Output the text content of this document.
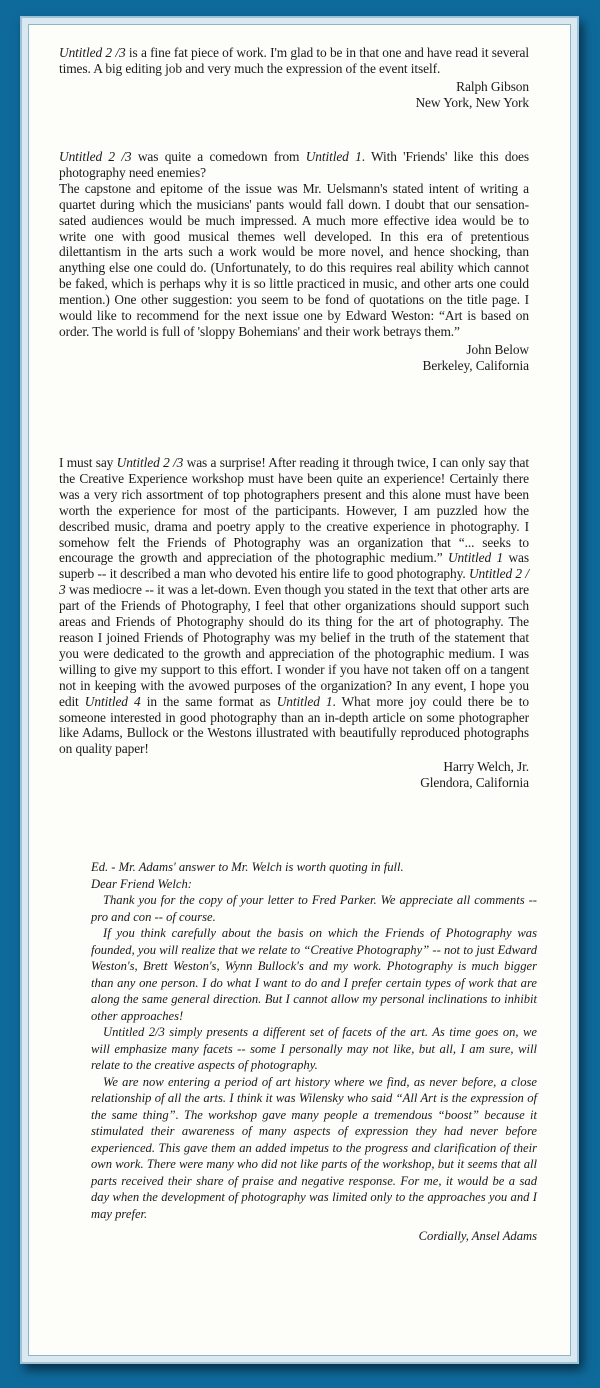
Untitled 2 /3 is a fine fat piece of work. I'm glad to be in that one and have read it several times. A big editing job and very much the expression of the event itself.

Ralph Gibson
New York, New York

Untitled 2 /3 was quite a comedown from Untitled 1. With 'Friends' like this does photography need enemies?

The capstone and epitome of the issue was Mr. Uelsmann's stated intent of writing a quartet during which the musicians' pants would fall down. I doubt that our sensation-sated audiences would be much impressed. A much more effective idea would be to write one with good musical themes well developed. In this era of pretentious dilettantism in the arts such a work would be more novel, and hence shocking, than anything else one could do. (Unfortunately, to do this requires real ability which cannot be faked, which is perhaps why it is so little practiced in music, and other arts one could mention.) One other suggestion: you seem to be fond of quotations on the title page. I would like to recommend for the next issue one by Edward Weston: “Art is based on order. The world is full of 'sloppy Bohemians' and their work betrays them.”

John Below
Berkeley, California

I must say Untitled 2 /3 was a surprise! After reading it through twice, I can only say that the Creative Experience workshop must have been quite an experience! Certainly there was a very rich assortment of top photographers present and this alone must have been worth the experience for most of the participants. However, I am puzzled how the described music, drama and poetry apply to the creative experience in photography. I somehow felt the Friends of Photography was an organization that “... seeks to encourage the growth and appreciation of the photographic medium.” Untitled 1 was superb -- it described a man who devoted his entire life to good photography. Untitled 2 / 3 was mediocre -- it was a let-down. Even though you stated in the text that other arts are part of the Friends of Photography, I feel that other organizations should support such areas and Friends of Photography should do its thing for the art of photography. The reason I joined Friends of Photography was my belief in the truth of the statement that you were dedicated to the growth and appreciation of the photographic medium. I was willing to give my support to this effort. I wonder if you have not taken off on a tangent not in keeping with the avowed purposes of the organization? In any event, I hope you edit Untitled 4 in the same format as Untitled 1. What more joy could there be to someone interested in good photography than an in-depth article on some photographer like Adams, Bullock or the Westons illustrated with beautifully reproduced photographs on quality paper!

Harry Welch, Jr.
Glendora, California

Ed. - Mr. Adams' answer to Mr. Welch is worth quoting in full.

Dear Friend Welch:

Thank you for the copy of your letter to Fred Parker. We appreciate all comments -- pro and con -- of course.

If you think carefully about the basis on which the Friends of Photography was founded, you will realize that we relate to “Creative Photography” -- not to just Edward Weston's, Brett Weston's, Wynn Bullock's and my work. Photography is much bigger than any one person. I do what I want to do and I prefer certain types of work that are along the same general direction. But I cannot allow my personal inclinations to inhibit other approaches!

Untitled 2/3 simply presents a different set of facets of the art. As time goes on, we will emphasize many facets -- some I personally may not like, but all, I am sure, will relate to the creative aspects of photography.

We are now entering a period of art history where we find, as never before, a close relationship of all the arts. I think it was Wilensky who said “All Art is the expression of the same thing”. The workshop gave many people a tremendous “boost” because it stimulated their awareness of many aspects of expression they had never before experienced. This gave them an added impetus to the progress and clarification of their own work. There were many who did not like parts of the workshop, but it seems that all parts received their share of praise and negative response. For me, it would be a sad day when the development of photography was limited only to the approaches you and I may prefer.

Cordially, Ansel Adams
